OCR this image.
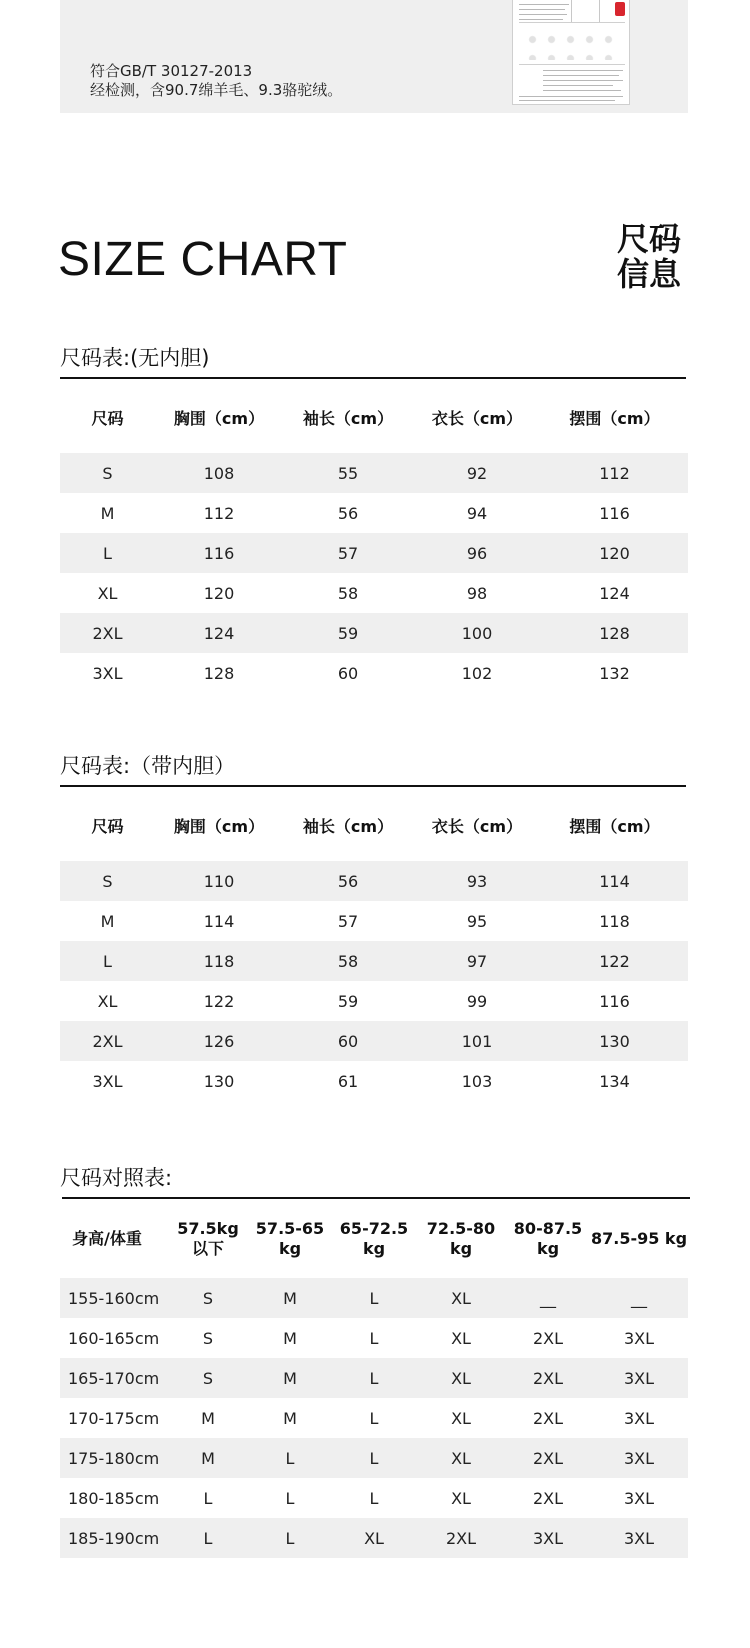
符合GB/T 30127-2013
经检测，含90.7绵羊毛、9.3骆驼绒。
SIZE CHART	尺码
信息
尺码表:(无内胆)
尺码	胸围（cm）	袖长（cm）	衣长（cm）	摆围（cm）
S	108	55	92	112
M	112	56	94	116
L	116	57	96	120
XL	120	58	98	124
2XL	124	59	100	128
3XL	128	60	102	132
尺码表:（带内胆）
尺码	胸围（cm）	袖长（cm）	衣长（cm）	摆围（cm）
S	110	56	93	114
M	114	57	95	118
L	118	58	97	122
XL	122	59	99	116
2XL	126	60	101	130
3XL	130	61	103	134
尺码对照表:
身高/体重	57.5kg 以下	57.5-65 kg	65-72.5 kg	72.5-80 kg	80-87.5 kg	87.5-95 kg
155-160cm	S	M	L	XL	__	__
160-165cm	S	M	L	XL	2XL	3XL
165-170cm	S	M	L	XL	2XL	3XL
170-175cm	M	M	L	XL	2XL	3XL
175-180cm	M	L	L	XL	2XL	3XL
180-185cm	L	L	L	XL	2XL	3XL
185-190cm	L	L	XL	2XL	3XL	3XL
